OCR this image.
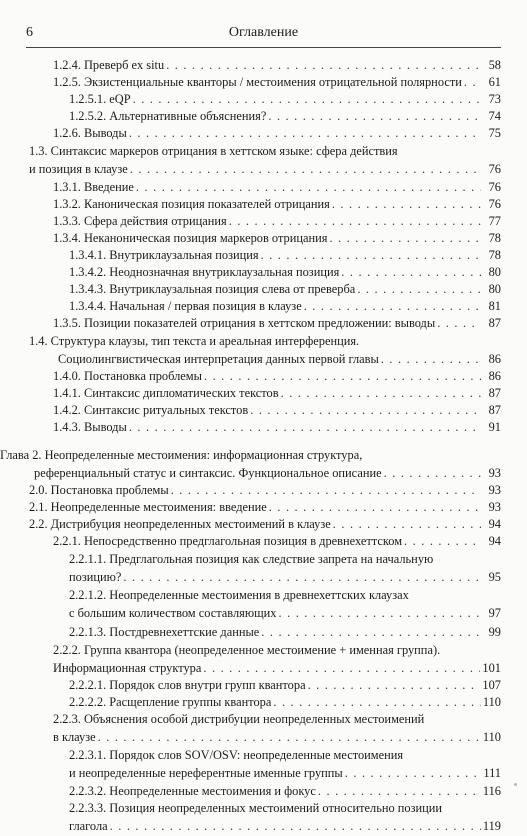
6	Оглавление
1.2.4. Преверб ex situ . . .	58
1.2.5. Экзистенциальные кванторы / местоимения отрицательной полярности . . .	61
1.2.5.1. eQP . . .	73
1.2.5.2. Альтернативные объяснения? . . .	74
1.2.6. Выводы . . .	75
1.3. Синтаксис маркеров отрицания в хеттском языке: сфера действия
и позиция в клаузе . . .	76
1.3.1. Введение . . .	76
1.3.2. Каноническая позиция показателей отрицания . . .	76
1.3.3. Сфера действия отрицания . . .	77
1.3.4. Неканоническая позиция маркеров отрицания . . .	78
1.3.4.1. Внутриклаузальная позиция . . .	78
1.3.4.2. Неоднозначная внутриклаузальная позиция . . .	80
1.3.4.3. Внутриклаузальная позиция слева от преверба . . .	80
1.3.4.4. Начальная / первая позиция в клаузе . . .	81
1.3.5. Позиции показателей отрицания в хеттском предложении: выводы . . .	87
1.4. Структура клаузы, тип текста и ареальная интерференция.
Социолингвистическая интерпретация данных первой главы . . .	86
1.4.0. Постановка проблемы . . .	86
1.4.1. Синтаксис дипломатических текстов . . .	87
1.4.2. Синтаксис ритуальных текстов . . .	87
1.4.3. Выводы . . .	91
Глава 2. Неопределенные местоимения: информационная структура,
референциальный статус и синтаксис. Функциональное описание . . .	93
2.0. Постановка проблемы . . .	93
2.1. Неопределенные местоимения: введение . . .	93
2.2. Дистрибуция неопределенных местоимений в клаузе . . .	94
2.2.1. Непосредственно предглагольная позиция в древнехеттском . . .	94
2.2.1.1. Предглагольная позиция как следствие запрета на начальную
позицию? . . .	95
2.2.1.2. Неопределенные местоимения в древнехеттских клаузах
с большим количеством составляющих . . .	97
2.2.1.3. Постдревнехеттские данные . . .	99
2.2.2. Группа квантора (неопределенное местоимение + именная группа).
Информационная структура . . .	101
2.2.2.1. Порядок слов внутри групп квантора . . .	107
2.2.2.2. Расщепление группы квантора . . .	110
2.2.3. Объяснения особой дистрибуции неопределенных местоимений
в клаузе . . .	110
2.2.3.1. Порядок слов SOV/OSV: неопределенные местоимения
и неопределенные нереферентные именные группы . . .	111
2.2.3.2. Неопределенные местоимения и фокус . . .	116
2.2.3.3. Позиция неопределенных местоимений относительно позиции
глагола . . .	119
